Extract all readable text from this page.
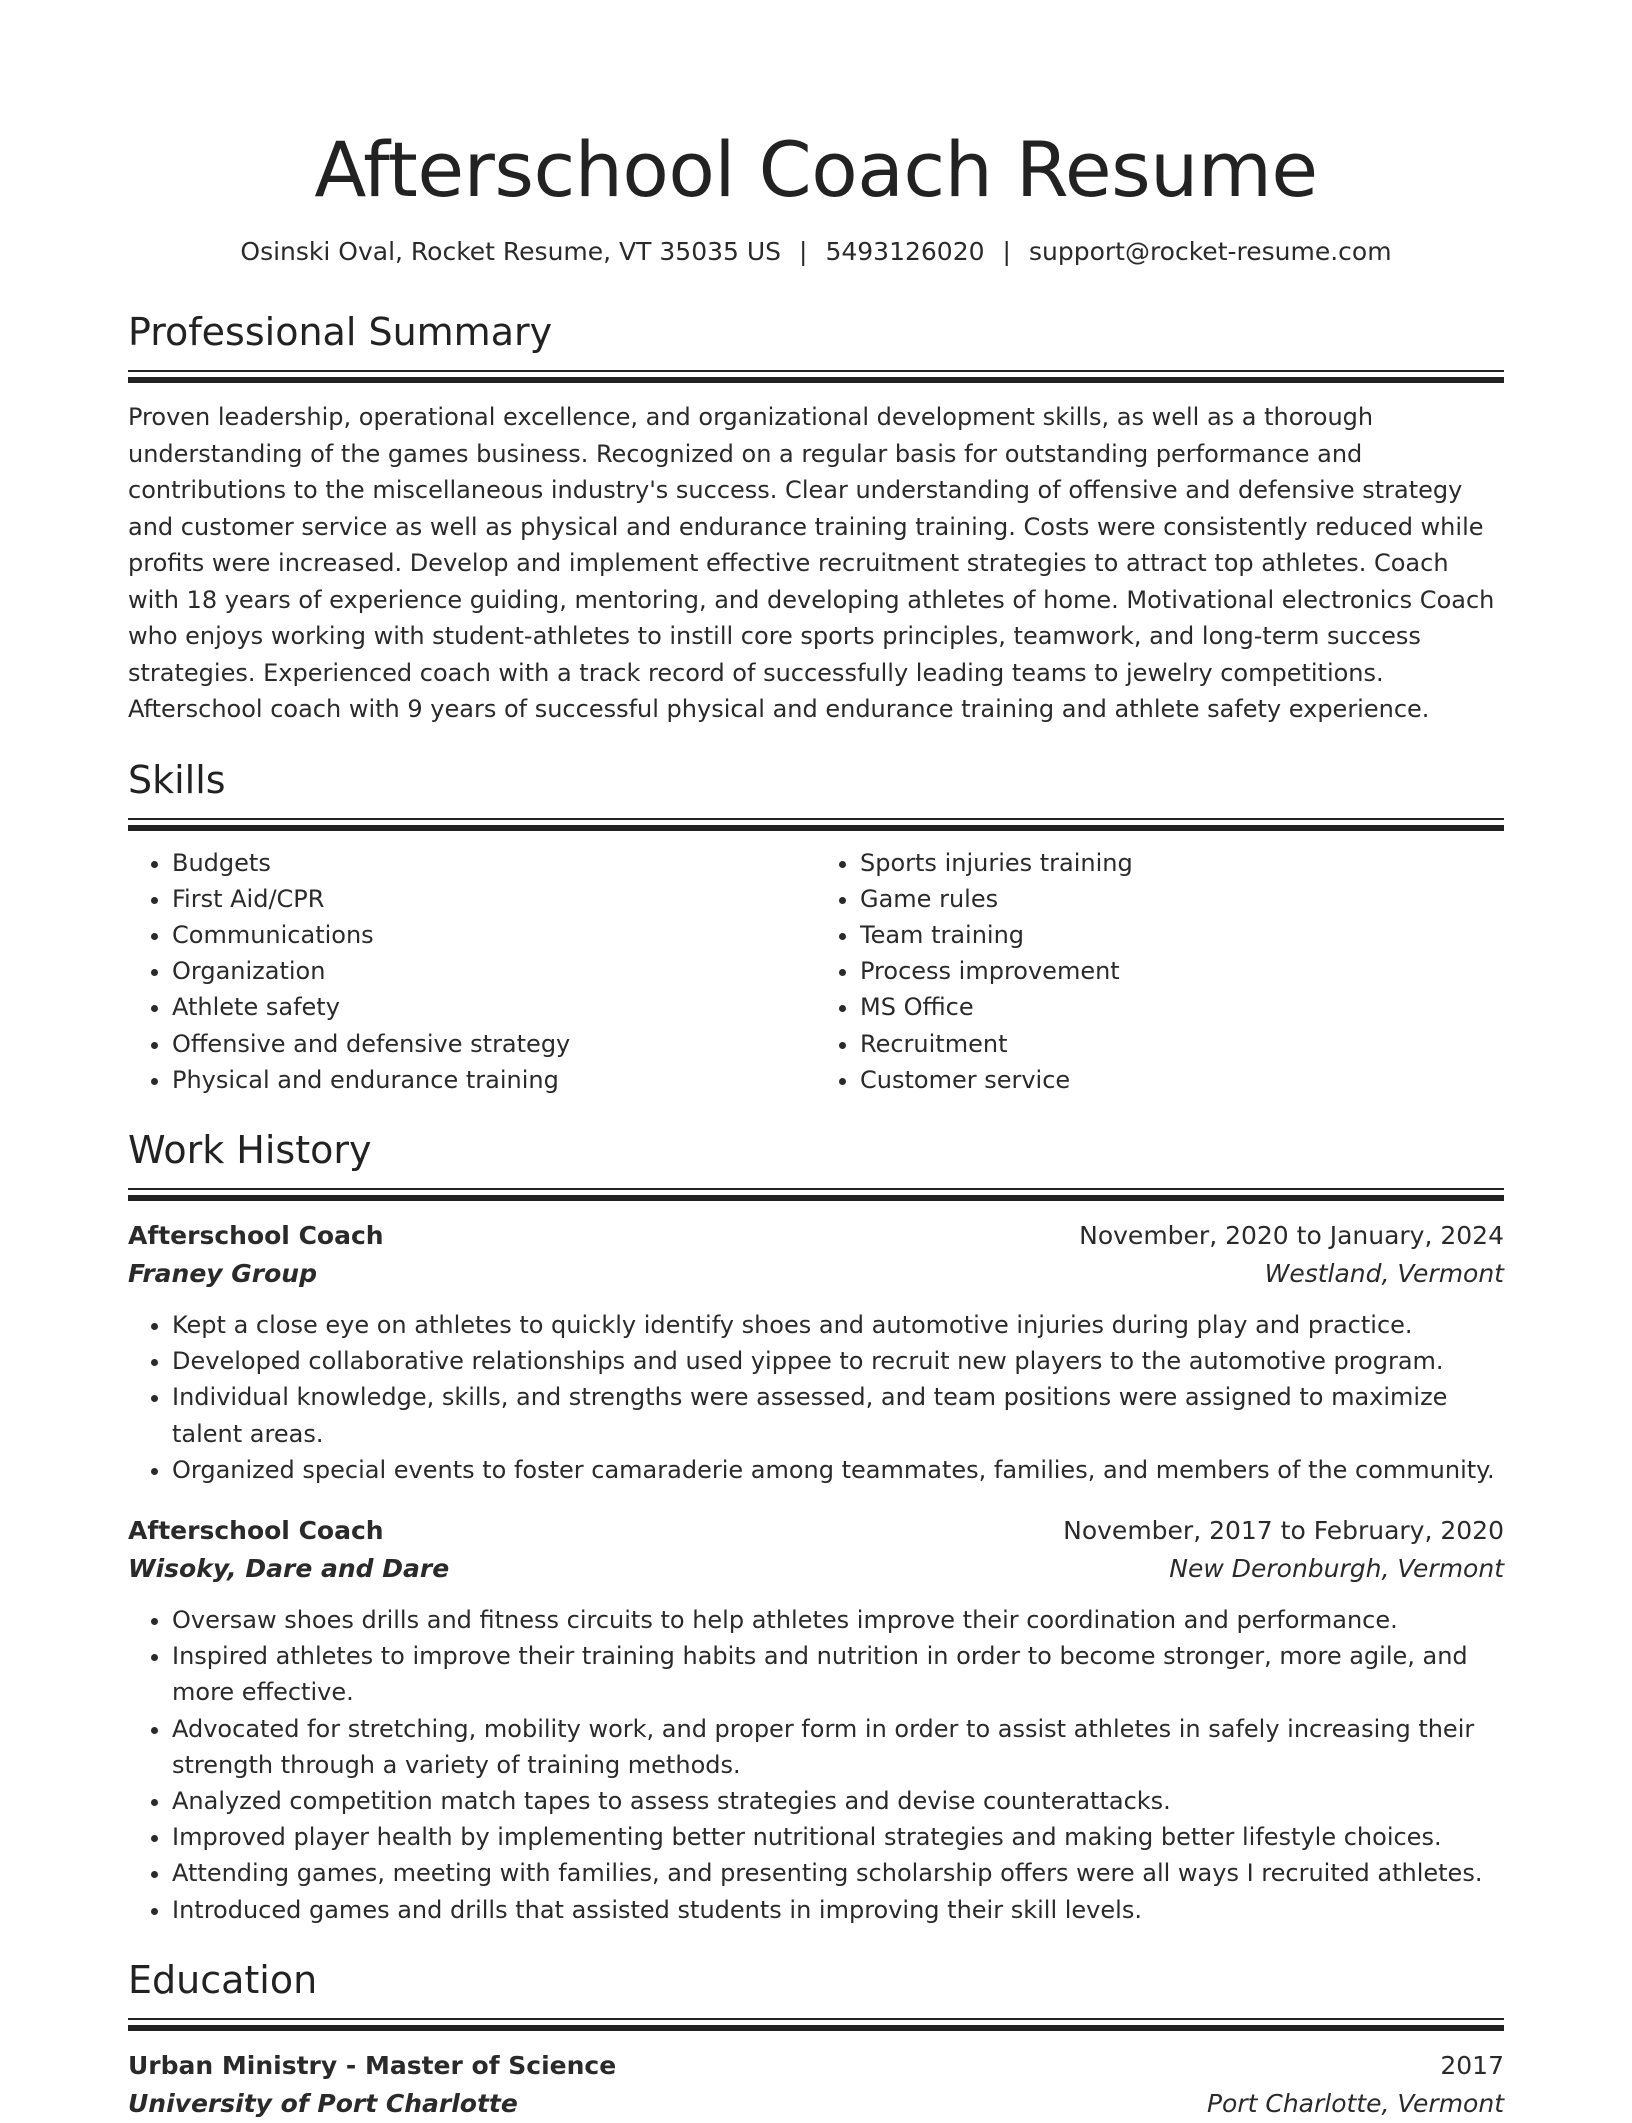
Afterschool Coach Resume
Osinski Oval, Rocket Resume, VT 35035 US | 5493126020 | support@rocket-resume.com
Professional Summary

Proven leadership, operational excellence, and organizational development skills, as well as a thorough understanding of the games business. Recognized on a regular basis for outstanding performance and contributions to the miscellaneous industry's success. Clear understanding of offensive and defensive strategy and customer service as well as physical and endurance training training. Costs were consistently reduced while profits were increased. Develop and implement effective recruitment strategies to attract top athletes. Coach with 18 years of experience guiding, mentoring, and developing athletes of home. Motivational electronics Coach who enjoys working with student-athletes to instill core sports principles, teamwork, and long-term success strategies. Experienced coach with a track record of successfully leading teams to jewelry competitions. Afterschool coach with 9 years of successful physical and endurance training and athlete safety experience.

Skills
• Budgets
• First Aid/CPR
• Communications
• Organization
• Athlete safety
• Offensive and defensive strategy
• Physical and endurance training
• Sports injuries training
• Game rules
• Team training
• Process improvement
• MS Office
• Recruitment
• Customer service
Work History
Afterschool Coach	November, 2020 to January, 2024
Franey Group	Westland, Vermont
• Kept a close eye on athletes to quickly identify shoes and automotive injuries during play and practice.
• Developed collaborative relationships and used yippee to recruit new players to the automotive program.
• Individual knowledge, skills, and strengths were assessed, and team positions were assigned to maximize talent areas.
• Organized special events to foster camaraderie among teammates, families, and members of the community.
Afterschool Coach	November, 2017 to February, 2020
Wisoky, Dare and Dare	New Deronburgh, Vermont
• Oversaw shoes drills and fitness circuits to help athletes improve their coordination and performance.
• Inspired athletes to improve their training habits and nutrition in order to become stronger, more agile, and more effective.
• Advocated for stretching, mobility work, and proper form in order to assist athletes in safely increasing their strength through a variety of training methods.
• Analyzed competition match tapes to assess strategies and devise counterattacks.
• Improved player health by implementing better nutritional strategies and making better lifestyle choices.
• Attending games, meeting with families, and presenting scholarship offers were all ways I recruited athletes.
• Introduced games and drills that assisted students in improving their skill levels.
Education
Urban Ministry - Master of Science	2017
University of Port Charlotte	Port Charlotte, Vermont
